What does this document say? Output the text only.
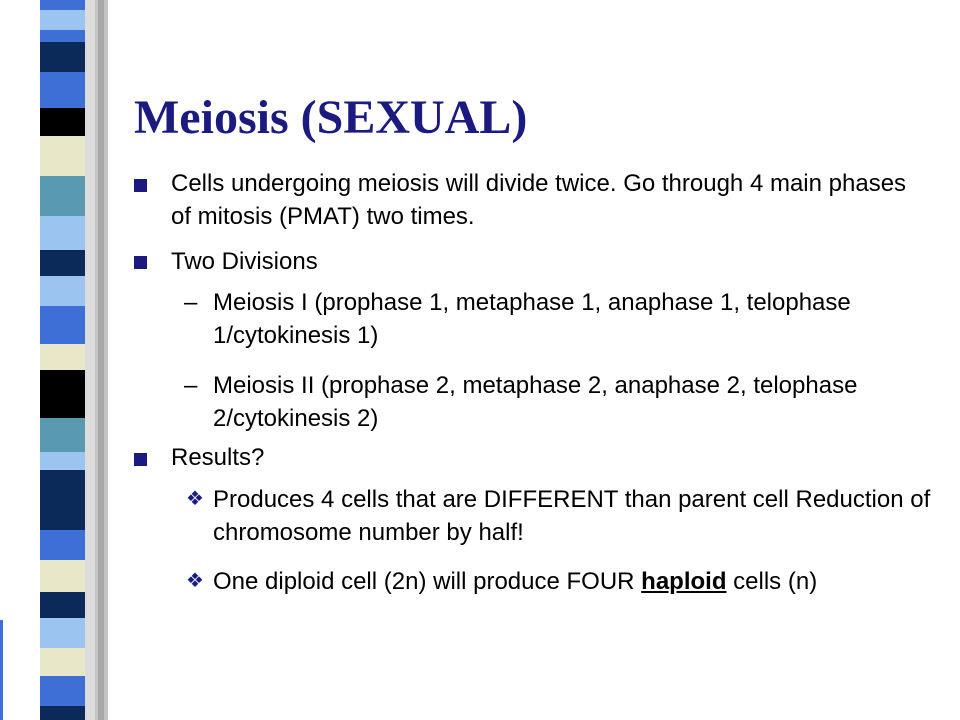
Meiosis (SEXUAL)
Cells undergoing meiosis will divide twice. Go through 4 main phases of mitosis (PMAT) two times.
Two Divisions
– Meiosis I (prophase 1, metaphase 1, anaphase 1, telophase 1/cytokinesis 1)
– Meiosis II (prophase 2, metaphase 2, anaphase 2, telophase 2/cytokinesis 2)
Results?
❖ Produces 4 cells that are DIFFERENT than parent cell Reduction of chromosome number by half!
❖ One diploid cell (2n) will produce FOUR haploid cells (n)
